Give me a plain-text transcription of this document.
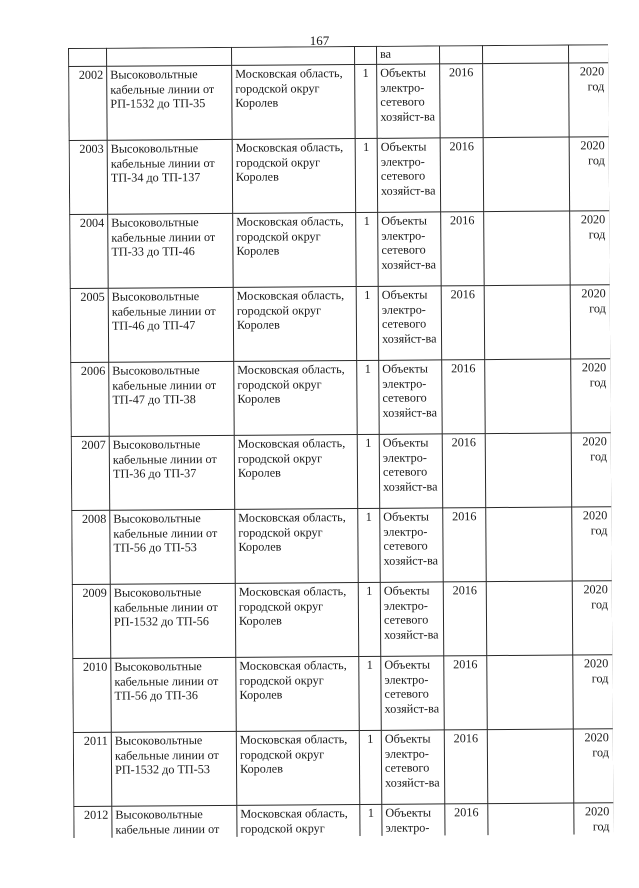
167
				ва			
2002	Высоковольтные кабельные линии от РП-1532 до ТП-35	Московская область, городской округ Королев	1	Объекты электро-сетевого хозяйст-ва	2016		2020 год
2003	Высоковольтные кабельные линии от ТП-34 до ТП-137	Московская область, городской округ Королев	1	Объекты электро-сетевого хозяйст-ва	2016		2020 год
2004	Высоковольтные кабельные линии от ТП-33 до ТП-46	Московская область, городской округ Королев	1	Объекты электро-сетевого хозяйст-ва	2016		2020 год
2005	Высоковольтные кабельные линии от ТП-46 до ТП-47	Московская область, городской округ Королев	1	Объекты электро-сетевого хозяйст-ва	2016		2020 год
2006	Высоковольтные кабельные линии от ТП-47 до ТП-38	Московская область, городской округ Королев	1	Объекты электро-сетевого хозяйст-ва	2016		2020 год
2007	Высоковольтные кабельные линии от ТП-36 до ТП-37	Московская область, городской округ Королев	1	Объекты электро-сетевого хозяйст-ва	2016		2020 год
2008	Высоковольтные кабельные линии от ТП-56 до ТП-53	Московская область, городской округ Королев	1	Объекты электро-сетевого хозяйст-ва	2016		2020 год
2009	Высоковольтные кабельные линии от РП-1532 до ТП-56	Московская область, городской округ Королев	1	Объекты электро-сетевого хозяйст-ва	2016		2020 год
2010	Высоковольтные кабельные линии от ТП-56 до ТП-36	Московская область, городской округ Королев	1	Объекты электро-сетевого хозяйст-ва	2016		2020 год
2011	Высоковольтные кабельные линии от РП-1532 до ТП-53	Московская область, городской округ Королев	1	Объекты электро-сетевого хозяйст-ва	2016		2020 год
2012	Высоковольтные кабельные линии от	Московская область, городской округ	1	Объекты электро-	2016		2020 год
